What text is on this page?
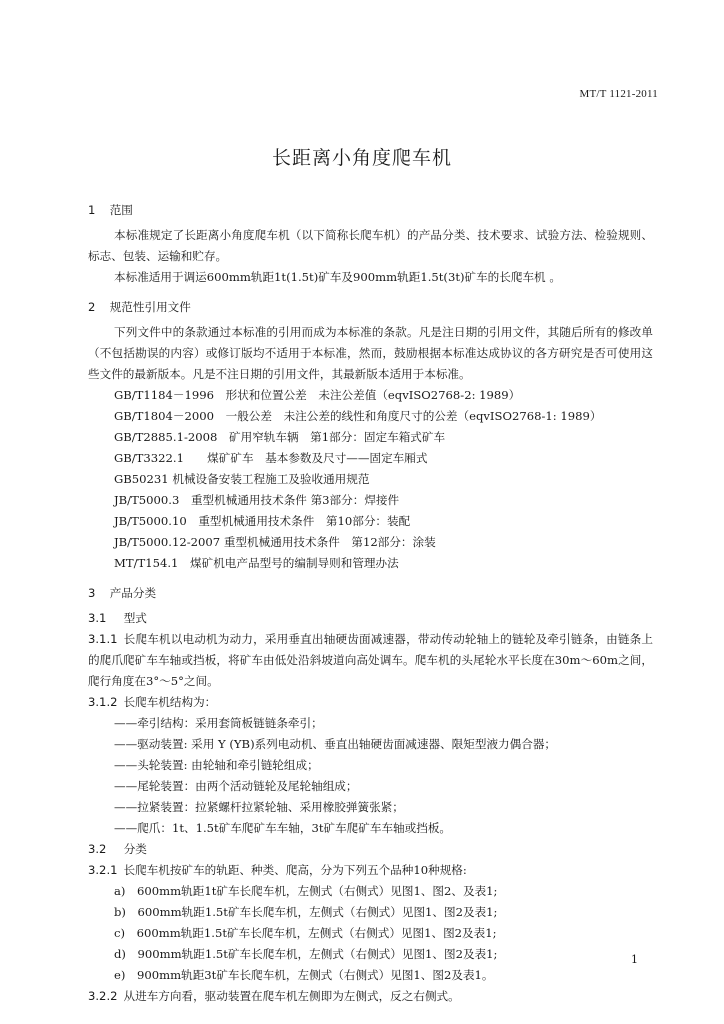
MT/T 1121-2011
长距离小角度爬车机
1 范围

本标准规定了长距离小角度爬车机（以下简称长爬车机）的产品分类、技术要求、试验方法、检验规则、标志、包装、运输和贮存。

本标准适用于调运600mm轨距1t(1.5t)矿车及900mm轨距1.5t(3t)矿车的长爬车机 。

2 规范性引用文件

下列文件中的条款通过本标准的引用而成为本标准的条款。凡是注日期的引用文件，其随后所有的修改单（不包括勘误的内容）或修订版均不适用于本标准，然而，鼓励根据本标准达成协议的各方研究是否可使用这些文件的最新版本。凡是不注日期的引用文件，其最新版本适用于本标准。

GB/T1184－1996　形状和位置公差　未注公差值（eqvISO2768-2: 1989）

GB/T1804－2000　一般公差　未注公差的线性和角度尺寸的公差（eqvISO2768-1: 1989）

GB/T2885.1-2008　矿用窄轨车辆　第1部分：固定车箱式矿车

GB/T3322.1　　煤矿矿车　基本参数及尺寸——固定车厢式

GB50231 机械设备安装工程施工及验收通用规范

JB/T5000.3　重型机械通用技术条件 第3部分：焊接件

JB/T5000.10　重型机械通用技术条件　第10部分：装配

JB/T5000.12-2007 重型机械通用技术条件　第12部分：涂装

MT/T154.1　煤矿机电产品型号的编制导则和管理办法

3 产品分类
3.1 型式

3.1.1 长爬车机以电动机为动力，采用垂直出轴硬齿面减速器，带动传动轮轴上的链轮及牵引链条，由链条上的爬爪爬矿车车轴或挡板，将矿车由低处沿斜坡道向高处调车。爬车机的头尾轮水平长度在30m～60m之间，爬行角度在3°～5°之间。

3.1.2 长爬车机结构为：

——牵引结构：采用套筒板链链条牵引；

——驱动装置: 采用 Y (YB)系列电动机、垂直出轴硬齿面减速器、限矩型液力偶合器；

——头轮装置: 由轮轴和牵引链轮组成；

——尾轮装置：由两个活动链轮及尾轮轴组成；

——拉紧装置：拉紧螺杆拉紧轮轴、采用橡胶弹簧张紧；

——爬爪：1t、1.5t矿车爬矿车车轴，3t矿车爬矿车车轴或挡板。

3.2 分类

3.2.1 长爬车机按矿车的轨距、种类、爬高，分为下列五个品种10种规格:

a)　600mm轨距1t矿车长爬车机，左侧式（右侧式）见图1、图2、及表1;

b)　600mm轨距1.5t矿车长爬车机，左侧式（右侧式）见图1、图2及表1;

c)　600mm轨距1.5t矿车长爬车机，左侧式（右侧式）见图1、图2及表1;

d)　900mm轨距1.5t矿车长爬车机，左侧式（右侧式）见图1、图2及表1;

e)　900mm轨距3t矿车长爬车机，左侧式（右侧式）见图1、图2及表1。

3.2.2 从进车方向看，驱动装置在爬车机左侧即为左侧式，反之右侧式。

1
